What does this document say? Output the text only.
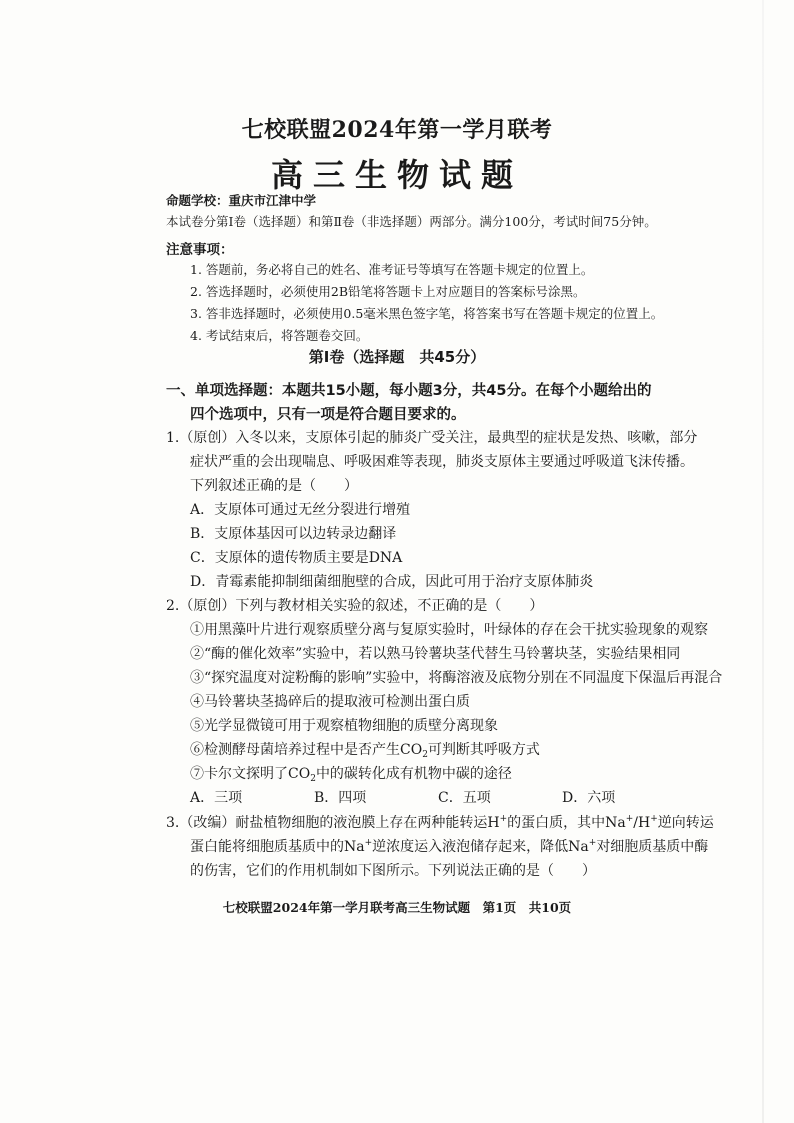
七校联盟2024年第一学月联考
高三生物试题
命题学校：重庆市江津中学
本试卷分第Ⅰ卷（选择题）和第Ⅱ卷（非选择题）两部分。满分100分，考试时间75分钟。
注意事项：
1. 答题前，务必将自己的姓名、准考证号等填写在答题卡规定的位置上。
2. 答选择题时，必须使用2B铅笔将答题卡上对应题目的答案标号涂黑。
3. 答非选择题时，必须使用0.5毫米黑色签字笔，将答案书写在答题卡规定的位置上。
4. 考试结束后，将答题卷交回。
第Ⅰ卷（选择题　共45分）
一、单项选择题：本题共15小题，每小题3分，共45分。在每个小题给出的
四个选项中，只有一项是符合题目要求的。
1.（原创）入冬以来，支原体引起的肺炎广受关注，最典型的症状是发热、咳嗽，部分
症状严重的会出现喘息、呼吸困难等表现，肺炎支原体主要通过呼吸道飞沫传播。
下列叙述正确的是（　　）
A．支原体可通过无丝分裂进行增殖
B．支原体基因可以边转录边翻译
C．支原体的遗传物质主要是DNA
D．青霉素能抑制细菌细胞壁的合成，因此可用于治疗支原体肺炎
2.（原创）下列与教材相关实验的叙述，不正确的是（　　）
①用黑藻叶片进行观察质壁分离与复原实验时，叶绿体的存在会干扰实验现象的观察
②“酶的催化效率”实验中，若以熟马铃薯块茎代替生马铃薯块茎，实验结果相同
③“探究温度对淀粉酶的影响”实验中，将酶溶液及底物分别在不同温度下保温后再混合
④马铃薯块茎捣碎后的提取液可检测出蛋白质
⑤光学显微镜可用于观察植物细胞的质壁分离现象
⑥检测酵母菌培养过程中是否产生$CO_2$可判断其呼吸方式
⑦卡尔文探明了$CO_2$中的碳转化成有机物中碳的途径
A．三项	B．四项	C．五项	D．六项
3.（改编）耐盐植物细胞的液泡膜上存在两种能转运H+的蛋白质，其中Na+/H+逆向转运
蛋白能将细胞质基质中的Na+逆浓度运入液泡储存起来，降低Na+对细胞质基质中酶
的伤害，它们的作用机制如下图所示。下列说法正确的是（　　）
七校联盟2024年第一学月联考高三生物试题　第1页　共10页
